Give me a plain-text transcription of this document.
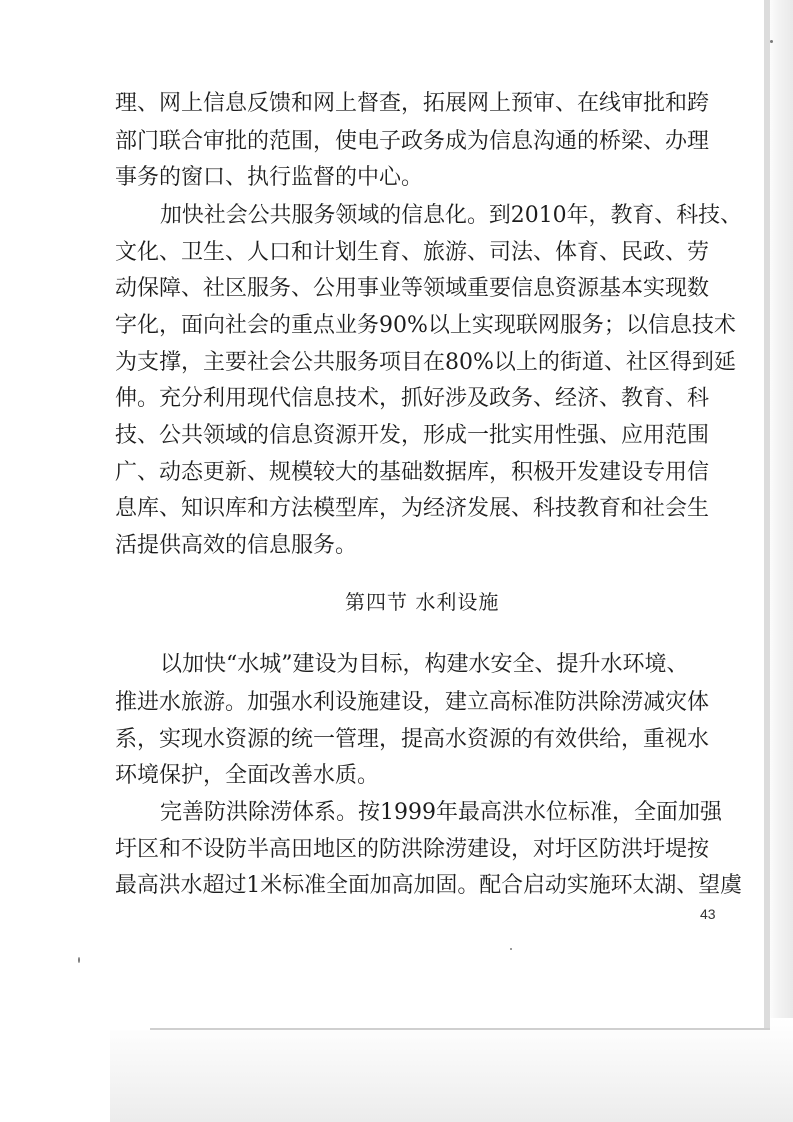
理、网上信息反馈和网上督查，拓展网上预审、在线审批和跨
部门联合审批的范围，使电子政务成为信息沟通的桥梁、办理
事务的窗口、执行监督的中心。
加快社会公共服务领域的信息化。到2010年，教育、科技、
文化、卫生、人口和计划生育、旅游、司法、体育、民政、劳
动保障、社区服务、公用事业等领域重要信息资源基本实现数
字化，面向社会的重点业务90%以上实现联网服务；以信息技术
为支撑，主要社会公共服务项目在80%以上的街道、社区得到延
伸。充分利用现代信息技术，抓好涉及政务、经济、教育、科
技、公共领域的信息资源开发，形成一批实用性强、应用范围
广、动态更新、规模较大的基础数据库，积极开发建设专用信
息库、知识库和方法模型库，为经济发展、科技教育和社会生
活提供高效的信息服务。
第四节 水利设施
以加快“水城”建设为目标，构建水安全、提升水环境、
推进水旅游。加强水利设施建设，建立高标准防洪除涝减灾体
系，实现水资源的统一管理，提高水资源的有效供给，重视水
环境保护，全面改善水质。
完善防洪除涝体系。按1999年最高洪水位标准，全面加强
圩区和不设防半高田地区的防洪除涝建设，对圩区防洪圩堤按
最高洪水超过1米标准全面加高加固。配合启动实施环太湖、望虞
43
